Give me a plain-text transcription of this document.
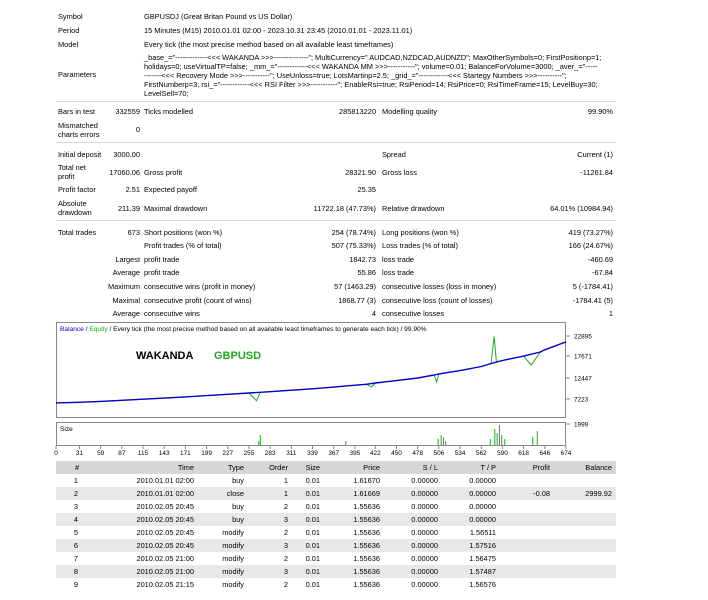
Symbol	GBPUSDJ (Great Britan Pound vs US Dollar)
Period	15 Minutes (M15) 2010.01.01 02:00 - 2023.10.31 23:45 (2010.01.01 - 2023.11.01)
Model	Every tick (the most precise method based on all available least timeframes)
Parameters
_base_="-------------<<< WAKANDA >>>--------------"; MultiCurrency=" AUDCAD,NZDCAD,AUDNZD"; MaxOtherSymbols=0; FirstPositionp=1;
holidays=0; useVirtualTP=false; _mm_="------------<<< WAKANDA MM >>>-----------"; volume=0.01; BalanceForVolume=3000; _aver_="-----
-------<<< Recovery Mode >>>-----------"; UseUnloss=true; LotsMartinp=2.5; _grid_="------------<<< Startegy Numbers >>>----------";
FirstNumberp=3; rsi_="------------<<< RSI Filter >>>-----------"; EnableRsi=true; RsiPeriod=14; RsiPrice=0; RsiTimeFrame=15; LevelBuy=30;
LevelSell=70;
Bars in test	332559 Ticks modelled	285813220 Modelling quality	99.90%
Mismatched
charts errors
0
Initial deposit	3000.00	Spread	Current (1)
Total net
profit	17060.06 Gross profit	28321.90 Gross loss	-11261.84
Profit factor	2.51 Expected payoff	25.35
Absolute
drawdown	211.39 Maximal drawdown	11722.18 (47.73%) Relative drawdown	64.01% (10984.94)
Total trades	673 Short positions (won %)	254 (78.74%) Long positions (won %)	419 (73.27%)
Profit trades (% of total)	507 (75.33%) Loss trades (% of total)	166 (24.67%)
Largest profit trade	1842.73 loss trade	-460.69
Average profit trade	55.86 loss trade	-67.84
Maximum consecutive wins (profit in money)	57 (1463.29) consecutive losses (loss in money)	5 (-1784.41)
Maximal consecutive profit (count of wins)	1868.77 (3) consecutive loss (count of losses)	-1784.41 (5)
Average consecutive wins	4 consecutive losses	1
Balance / Equity / Every tick (the most precise method based on all available least timeframes to generate each tick) / 99.90%
WAKANDA GBPUSD
Size
22895
17671
12447
7223
1999
0	31 59 87 115 143 171 199 227 255 283 311 339 367 395 422 450 478 506 534 562 590 618 646 674
#	Time	Type	Order	Size	Price	S / L	T / P	Profit	Balance
1	2010.01.01 02:00	buy	1	0.01	1.61670	0.00000	0.00000		
2	2010.01.01 02:00	close	1	0.01	1.61669	0.00000	0.00000	-0.08	2999.92
3	2010.02.05 20:45	buy	2	0.01	1.55636	0.00000	0.00000		
4	2010.02.05 20:45	buy	3	0.01	1.55636	0.00000	0.00000		
5	2010.02.05 20:45	modify	2	0.01	1.55636	0.00000	1.56511		
6	2010.02.05 20:45	modify	3	0.01	1.55636	0.00000	1.57516		
7	2010.02.05 21:00	modify	2	0.01	1.55636	0.00000	1.56475		
8	2010.02.05 21:00	modify	3	0.01	1.55636	0.00000	1.57487		
9	2010.02.05 21:15	modify	2	0.01	1.55636	0.00000	1.56576		
